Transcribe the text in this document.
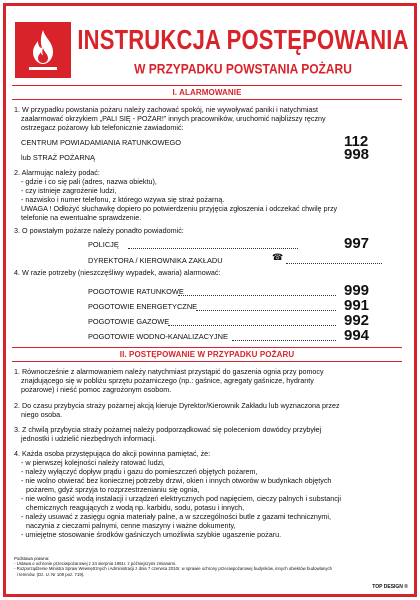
INSTRUKCJA POSTĘPOWANIA
W PRZYPADKU POWSTANIA POŻARU
I. ALARMOWANIE
1. W przypadku powstania pożaru należy zachować spokój, nie wywoływać paniki i natychmiast
zaalarmować okrzykiem „PALI SIĘ - POŻAR!” innych pracowników, uruchomić najbliższy ręczny
ostrzegacz pożarowy lub telefonicznie zawiadomić:
CENTRUM POWIADAMIANIA RATUNKOWEGO	112
lub STRAŻ POŻARNĄ	998
2. Alarmując należy podać:
- gdzie i co się pali (adres, nazwa obiektu),
- czy istnieje zagrożenie ludzi,
- nazwisko i numer telefonu, z którego wzywa się straż pożarną.
UWAGA ! Odłożyć słuchawkę dopiero po potwierdzeniu przyjęcia zgłoszenia i odczekać chwilę przy
telefonie na ewentualne sprawdzenie.
3. O powstałym pożarze należy ponadto powiadomić:
POLICJĘ	997
DYREKTORA / KIEROWNIKA ZAKŁADU	☎
4. W razie potrzeby (nieszczęśliwy wypadek, awaria) alarmować:
POGOTOWIE RATUNKOWE	999
POGOTOWIE ENERGETYCZNE	991
POGOTOWIE GAZOWE	992
POGOTOWIE WODNO-KANALIZACYJNE	994
II. POSTĘPOWANIE W PRZYPADKU POŻARU
1. Równocześnie z alarmowaniem należy natychmiast przystąpić do gaszenia ognia przy pomocy
znajdującego się w pobliżu sprzętu pożarniczego (np.: gaśnice, agregaty gaśnicze, hydranty
pożarowe) i nieść pomoc zagrożonym osobom.
2. Do czasu przybycia straży pożarnej akcją kieruje Dyrektor/Kierownik Zakładu lub wyznaczona przez
niego osoba.
3. Z chwilą przybycia straży pożarnej należy podporządkować się poleceniom dowódcy przybyłej
jednostki i udzielić niezbędnych informacji.
4. Każda osoba przystępująca do akcji powinna pamiętać, że:
- w pierwszej kolejności należy ratować ludzi,
- należy wyłączyć dopływ prądu i gazu do pomieszczeń objętych pożarem,
- nie wolno otwierać bez koniecznej potrzeby drzwi, okien i innych otworów w budynkach objętych
pożarem, gdyż sprzyja to rozprzestrzenianiu się ognia,
- nie wolno gasić wodą instalacji i urządzeń elektrycznych pod napięciem, cieczy palnych i substancji
chemicznych reagujących z wodą np. karbidu, sodu, potasu i innych,
- należy usuwać z zasięgu ognia materiały palne, a w szczególności butle z gazami technicznymi,
naczynia z cieczami palnymi, cenne maszyny i ważne dokumenty,
- umiejętne stosowanie środków gaśniczych umożliwia szybkie ugaszenie pożaru.
Podstawa prawna:
- Ustawa o ochronie przeciwpożarowej z 24 sierpnia 1991r. z późniejszymi zmianami.
- Rozporządzenie Ministra Spraw Wewnętrznych i Administracji z dnia 7 czerwca 2010r. w sprawie ochrony przeciwpożarowej budynków, innych obiektów budowlanych
i terenów. (Dz. U. Nr 109 poz. 719).
TOP DESIGN ®
